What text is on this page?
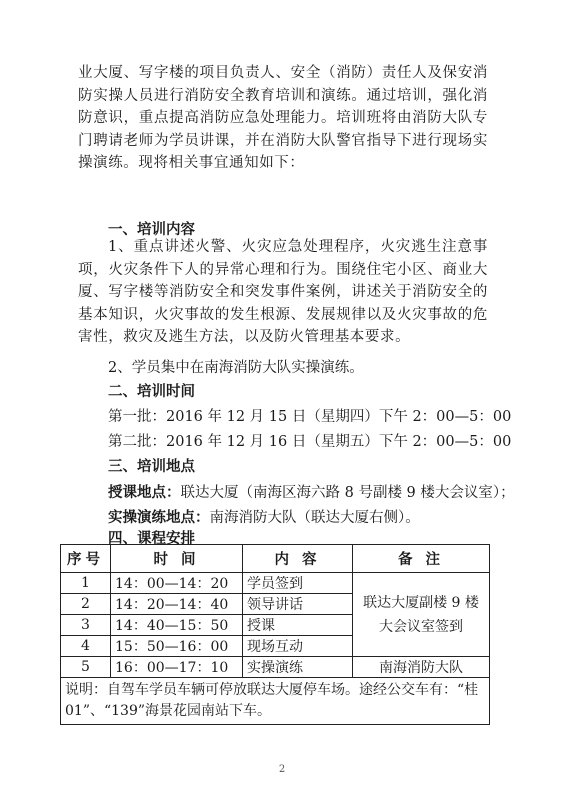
业大厦、写字楼的项目负责人、安全（消防）责任人及保安消防实操人员进行消防安全教育培训和演练。通过培训，强化消防意识，重点提高消防应急处理能力。培训班将由消防大队专门聘请老师为学员讲课，并在消防大队警官指导下进行现场实操演练。现将相关事宜通知如下：

一、培训内容

1、重点讲述火警、火灾应急处理程序，火灾逃生注意事项，火灾条件下人的异常心理和行为。围绕住宅小区、商业大厦、写字楼等消防安全和突发事件案例，讲述关于消防安全的基本知识，火灾事故的发生根源、发展规律以及火灾事故的危害性，救灾及逃生方法，以及防火管理基本要求。

2、学员集中在南海消防大队实操演练。
二、培训时间
第一批：2016 年 12 月 15 日（星期四）下午 2：00—5：00
第二批：2016 年 12 月 16 日（星期五）下午 2：00—5：00
三、培训地点
授课地点：联达大厦（南海区海六路 8 号副楼 9 楼大会议室）；
实操演练地点：南海消防大队（联达大厦右侧）。
四、课程安排
序号	时 间	内 容	备 注
1	14：00—14：20	学员签到	联达大厦副楼 9 楼大会议室签到
2	14：20—14：40	领导讲话	
3	14：40—15：50	授课	
4	15：50—16：00	现场互动	
5	16：00—17：10	实操演练	南海消防大队
说明：自驾车学员车辆可停放联达大厦停车场。途经公交车有：“桂 01”、“139”海景花园南站下车。			
2
